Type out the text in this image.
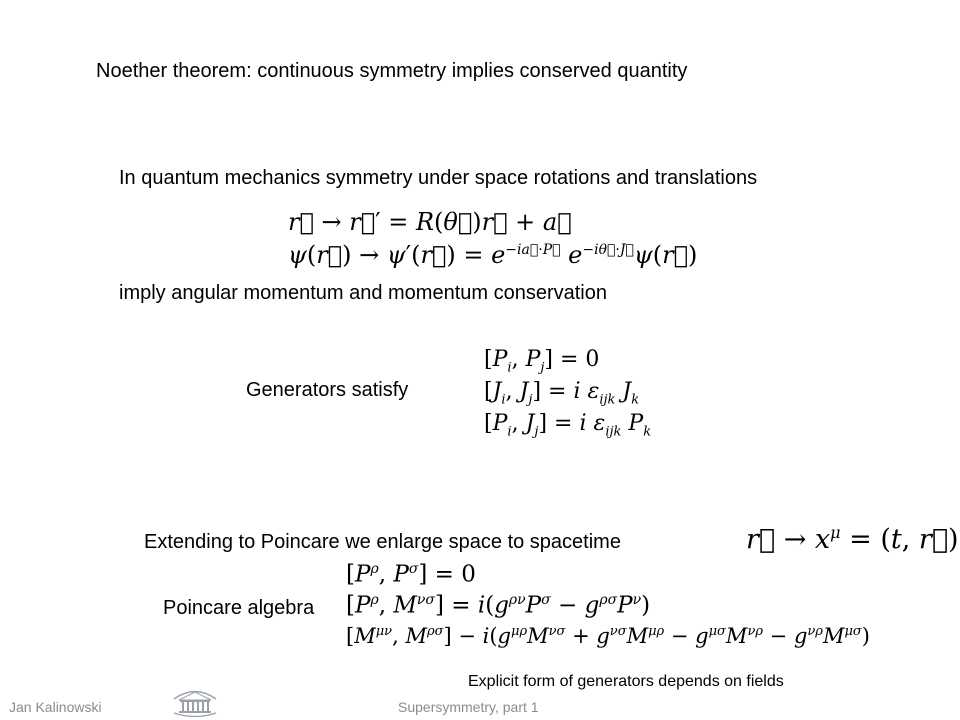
Noether theorem: continuous symmetry implies conserved quantity
In quantum mechanics symmetry under space rotations and translations
r⃗ → r⃗′ = R(θ⃗)r⃗ + a⃗
ψ(r⃗) → ψ′(r⃗) = $e^{-ia⃗\cdot P⃗}$ $e^{-i\theta⃗\cdot J⃗}\psi(r⃗)$
imply angular momentum and momentum conservation
Generators satisfy
[$P_i$, $P_j] = 0$
[$J_i$, $J_j] = i$ $\varepsilon_{ijk}$ $J_k$
[$P_i$, $J_j] = i$ $\varepsilon_{ijk}$ $P_k$
Extending to Poincare we enlarge space to spacetime	r⃗ → $x^\mu = (t$, r⃗)
Poincare algebra
[$P^\rho$, $P^\sigma] = 0$
[$P^\rho$, $M^{\nu\sigma}] = i(g^{\rho\nu}P^\sigma - g^{\rho\sigma}P^\nu)$
[$M^{\mu\nu}$, $M^{\rho\sigma}] - i(g^{\mu\rho}M^{\nu\sigma} + g^{\nu\sigma}M^{\mu\rho} - g^{\mu\sigma}M^{\nu\rho} - g^{\nu\rho}M^{\mu\sigma})$
Explicit form of generators depends on fields
Jan Kalinowski	Supersymmetry, part 1
